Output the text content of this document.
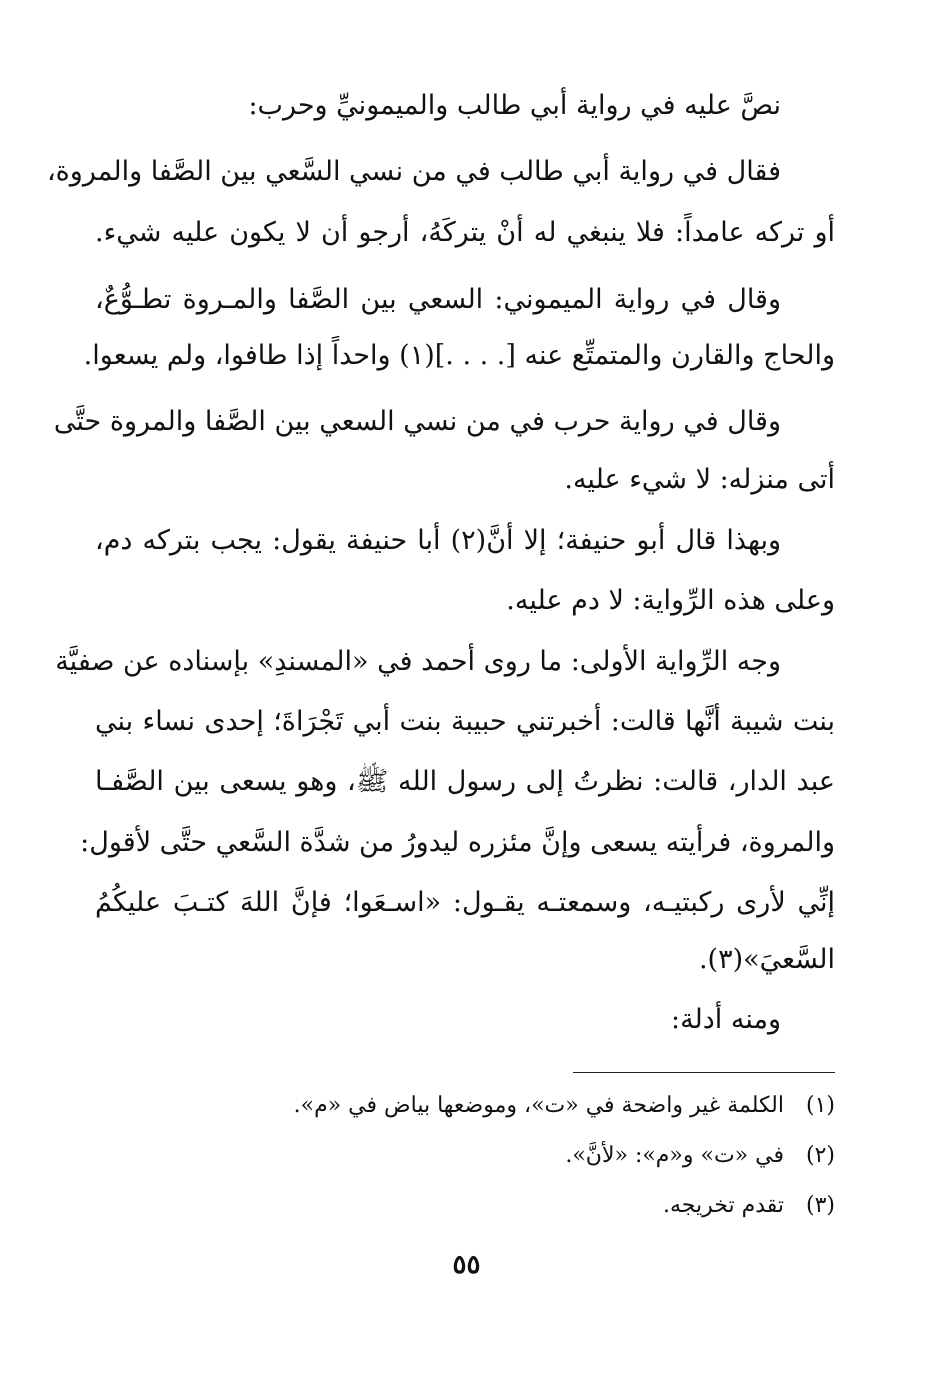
نصَّ عليه في رواية أبي طالب والميمونيِّ وحرب:
فقال في رواية أبي طالب في من نسي السَّعي بين الصَّفا والمروة،
أو تركه عامداً: فلا ينبغي له أنْ يتركَهُ، أرجو أن لا يكون عليه شيء.
وقال في رواية الميموني: السعي بين الصَّفا والمـروة تطـوُّعٌ،
والحاج والقارن والمتمتِّع عنه [. . . .](١) واحداً إذا طافوا، ولم يسعوا.
وقال في رواية حرب في من نسي السعي بين الصَّفا والمروة حتَّى
أتى منزله: لا شيء عليه.
وبهذا قال أبو حنيفة؛ إلا أنَّ(٢) أبا حنيفة يقول: يجب بتركه دم،
وعلى هذه الرِّواية: لا دم عليه.
وجه الرِّواية الأولى: ما روى أحمد في «المسندِ» بإسناده عن صفيَّة
بنت شيبة أنَّها قالت: أخبرتني حبيبة بنت أبي تَجْرَاةَ؛ إحدى نساء بني
عبد الدار، قالت: نظرتُ إلى رسول الله ﷺ، وهو يسعى بين الصَّفـا
والمروة، فرأيته يسعى وإنَّ مئزره ليدورُ من شدَّة السَّعي حتَّى لأقول:
إنِّي لأرى ركبتيـه، وسمعتـه يقـول: «اسـعَوا؛ فإنَّ اللهَ كتـبَ عليكُمُ
السَّعيَ»(٣).
ومنه أدلة:
(١) الكلمة غير واضحة في «ت»، وموضعها بياض في «م».
(٢) في «ت» و«م»: «لأنَّ».
(٣) تقدم تخريجه.
٥٥
